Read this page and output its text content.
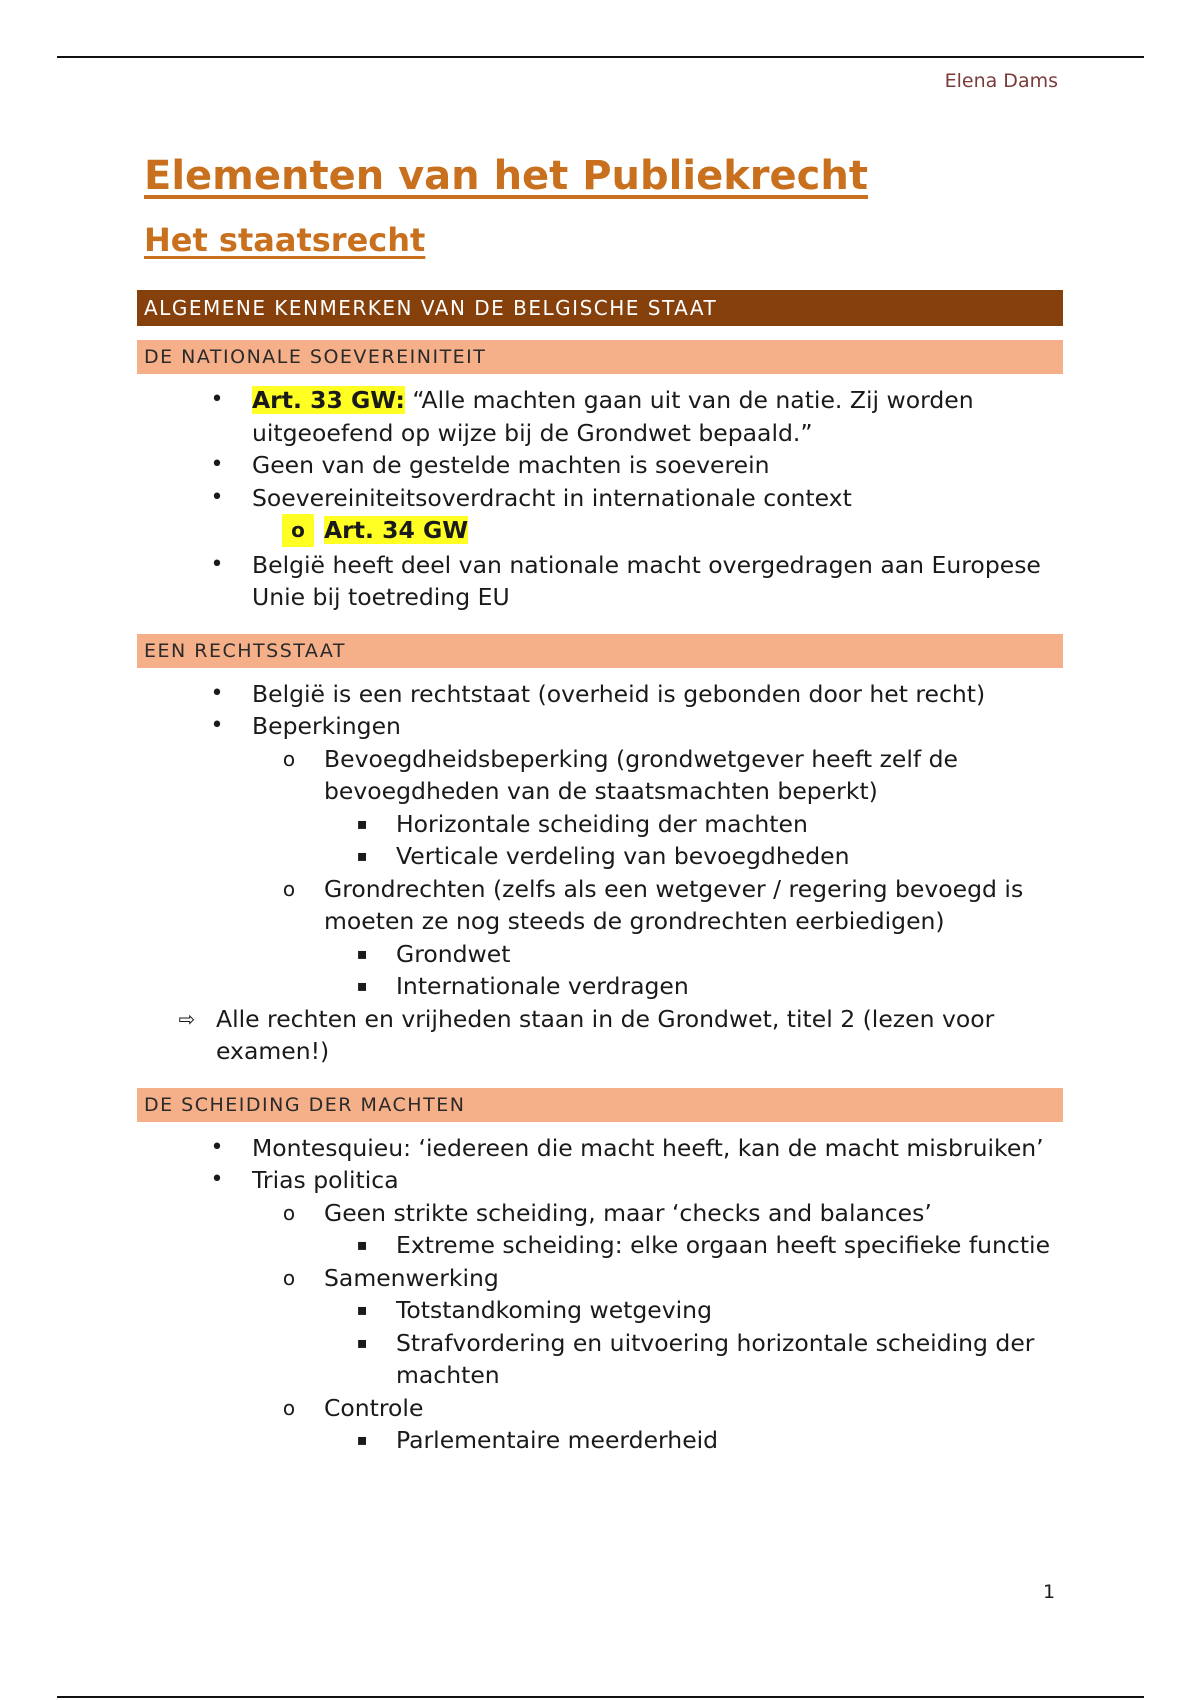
Elena Dams
Elementen van het Publiekrecht
Het staatsrecht
ALGEMENE KENMERKEN VAN DE BELGISCHE STAAT
DE NATIONALE SOEVEREINITEIT
• Art. 33 GW: “Alle machten gaan uit van de natie. Zij worden uitgeoefend op wijze bij de Grondwet bepaald.”
• Geen van de gestelde machten is soeverein
• Soevereiniteitsoverdracht in internationale context
o Art. 34 GW
• België heeft deel van nationale macht overgedragen aan Europese Unie bij toetreding EU
EEN RECHTSSTAAT
• België is een rechtstaat (overheid is gebonden door het recht)
• Beperkingen
o Bevoegdheidsbeperking (grondwetgever heeft zelf de bevoegdheden van de staatsmachten beperkt)
▪ Horizontale scheiding der machten
▪ Verticale verdeling van bevoegdheden
o Grondrechten (zelfs als een wetgever / regering bevoegd is moeten ze nog steeds de grondrechten eerbiedigen)
▪ Grondwet
▪ Internationale verdragen
⇨ Alle rechten en vrijheden staan in de Grondwet, titel 2 (lezen voor examen!)
DE SCHEIDING DER MACHTEN
• Montesquieu: ‘iedereen die macht heeft, kan de macht misbruiken’
• Trias politica
o Geen strikte scheiding, maar ‘checks and balances’
▪ Extreme scheiding: elke orgaan heeft specifieke functie
o Samenwerking
▪ Totstandkoming wetgeving
▪ Strafvordering en uitvoering horizontale scheiding der machten
o Controle
▪ Parlementaire meerderheid
1
